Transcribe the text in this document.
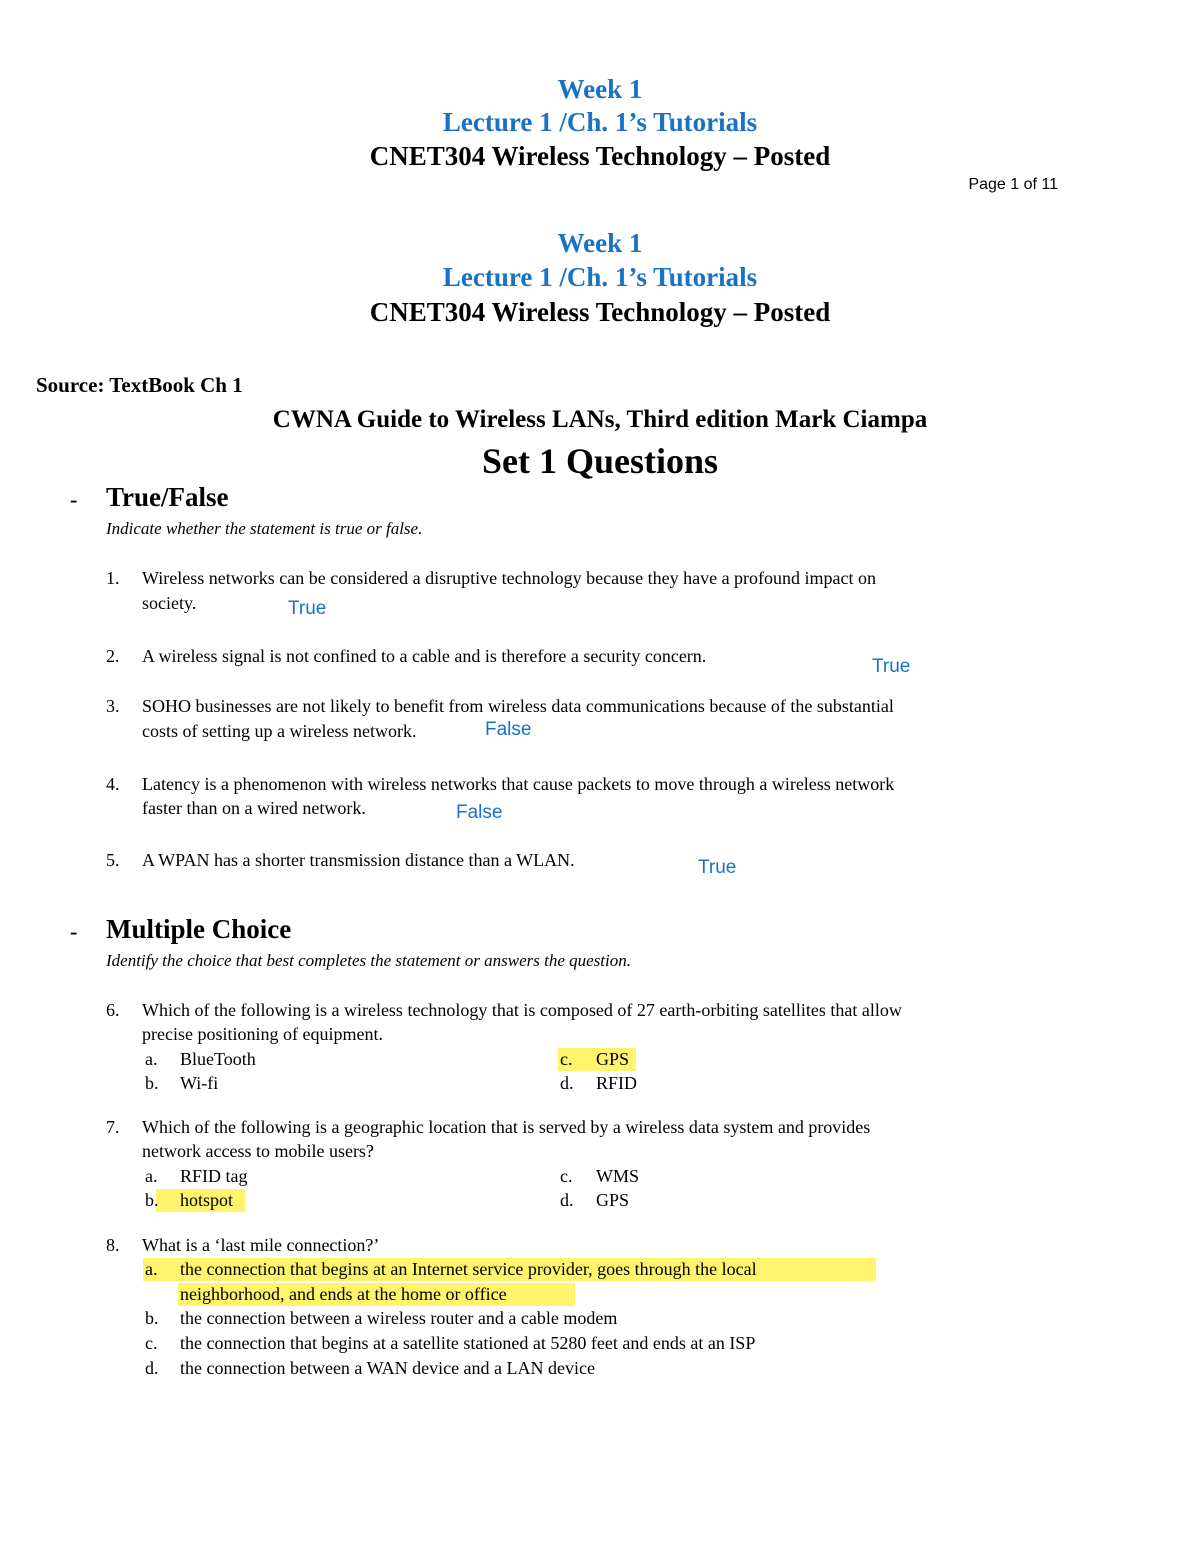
Week 1
Lecture 1 /Ch. 1’s Tutorials
CNET304 Wireless Technology – Posted
Page 1 of 11
Week 1
Lecture 1 /Ch. 1’s Tutorials
CNET304 Wireless Technology – Posted
Source: TextBook Ch 1
CWNA Guide to Wireless LANs, Third edition Mark Ciampa
Set 1 Questions
- True/False
Indicate whether the statement is true or false.
1. Wireless networks can be considered a disruptive technology because they have a profound impact on
society.	True
2. A wireless signal is not confined to a cable and is therefore a security concern.	True
3. SOHO businesses are not likely to benefit from wireless data communications because of the substantial
costs of setting up a wireless network.	False
4. Latency is a phenomenon with wireless networks that cause packets to move through a wireless network
faster than on a wired network.	False
5. A WPAN has a shorter transmission distance than a WLAN.	True
- Multiple Choice
Identify the choice that best completes the statement or answers the question.
6. Which of the following is a wireless technology that is composed of 27 earth-orbiting satellites that allow
precise positioning of equipment.
a. BlueTooth
b. Wi-fi
c. GPS
d. RFID
7. Which of the following is a geographic location that is served by a wireless data system and provides
network access to mobile users?
a. RFID tag
b. hotspot
c. WMS
d. GPS
8. What is a ‘last mile connection?’
a. the connection that begins at an Internet service provider, goes through the local
neighborhood, and ends at the home or office
b. the connection between a wireless router and a cable modem
c. the connection that begins at a satellite stationed at 5280 feet and ends at an ISP
d. the connection between a WAN device and a LAN device
